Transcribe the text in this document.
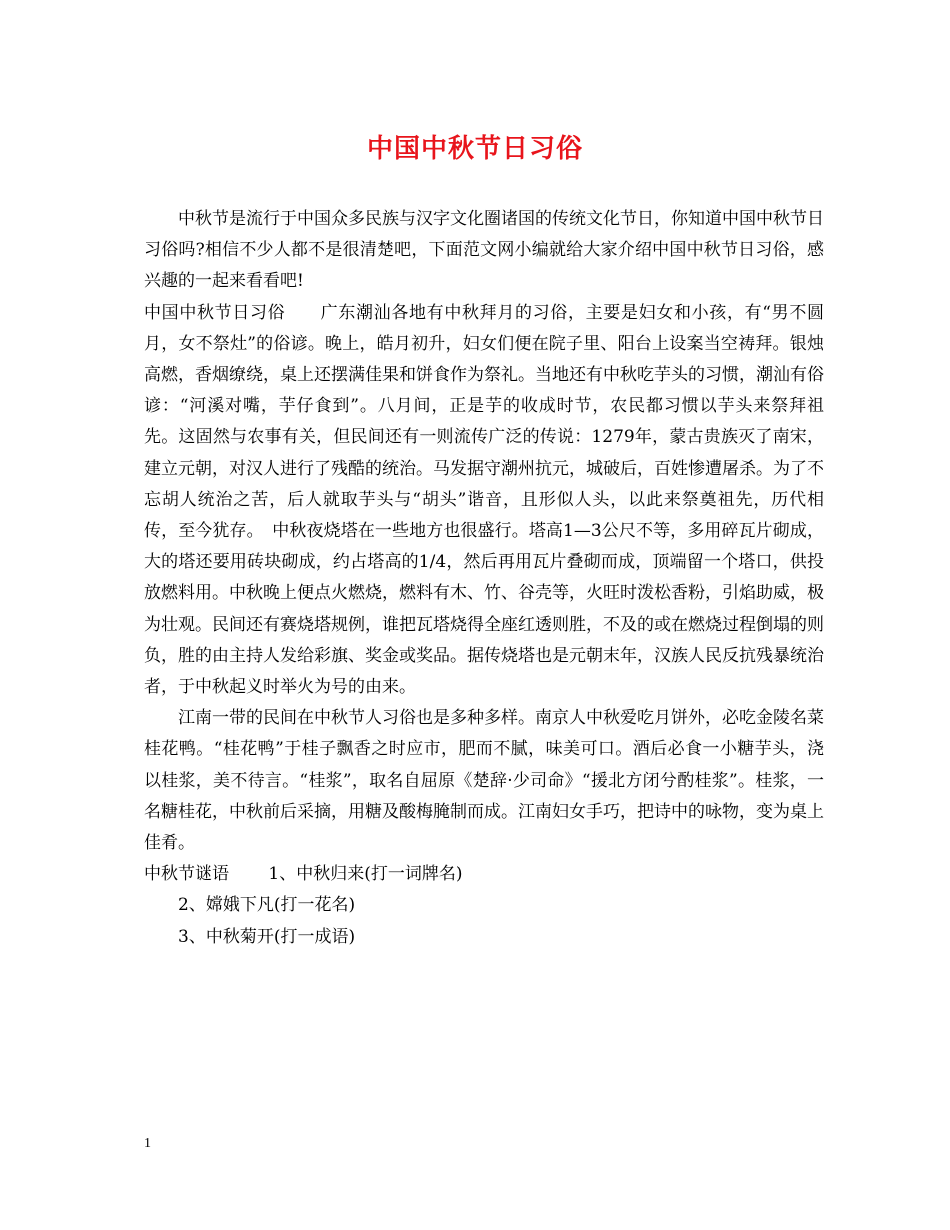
中国中秋节日习俗

中秋节是流行于中国众多民族与汉字文化圈诸国的传统文化节日，你知道中国中秋节日习俗吗?相信不少人都不是很清楚吧，下面范文网小编就给大家介绍中国中秋节日习俗，感兴趣的一起来看看吧!

中国中秋节日习俗　　广东潮汕各地有中秋拜月的习俗，主要是妇女和小孩，有“男不圆月，女不祭灶”的俗谚。晚上，皓月初升，妇女们便在院子里、阳台上设案当空祷拜。银烛高燃，香烟缭绕，桌上还摆满佳果和饼食作为祭礼。当地还有中秋吃芋头的习惯，潮汕有俗谚：“河溪对嘴，芋仔食到”。八月间，正是芋的收成时节，农民都习惯以芋头来祭拜祖先。这固然与农事有关，但民间还有一则流传广泛的传说：1279年，蒙古贵族灭了南宋，建立元朝，对汉人进行了残酷的统治。马发据守潮州抗元，城破后，百姓惨遭屠杀。为了不忘胡人统治之苦，后人就取芋头与“胡头”谐音，且形似人头，以此来祭奠祖先，历代相传，至今犹存。　中秋夜烧塔在一些地方也很盛行。塔高1—3公尺不等，多用碎瓦片砌成，大的塔还要用砖块砌成，约占塔高的1/4，然后再用瓦片叠砌而成，顶端留一个塔口，供投放燃料用。中秋晚上便点火燃烧，燃料有木、竹、谷壳等，火旺时泼松香粉，引焰助威，极为壮观。民间还有赛烧塔规例，谁把瓦塔烧得全座红透则胜，不及的或在燃烧过程倒塌的则负，胜的由主持人发给彩旗、奖金或奖品。据传烧塔也是元朝末年，汉族人民反抗残暴统治者，于中秋起义时举火为号的由来。

江南一带的民间在中秋节人习俗也是多种多样。南京人中秋爱吃月饼外，必吃金陵名菜桂花鸭。“桂花鸭”于桂子飘香之时应市，肥而不腻，味美可口。酒后必食一小糖芋头，浇以桂浆，美不待言。“桂浆”，取名自屈原《楚辞·少司命》“援北方闭兮酌桂浆”。桂浆，一名糖桂花，中秋前后采摘，用糖及酸梅腌制而成。江南妇女手巧，把诗中的咏物，变为桌上佳肴。

中秋节谜语　　 1、中秋归来(打一词牌名)

2、嫦娥下凡(打一花名)

3、中秋菊开(打一成语)

1
